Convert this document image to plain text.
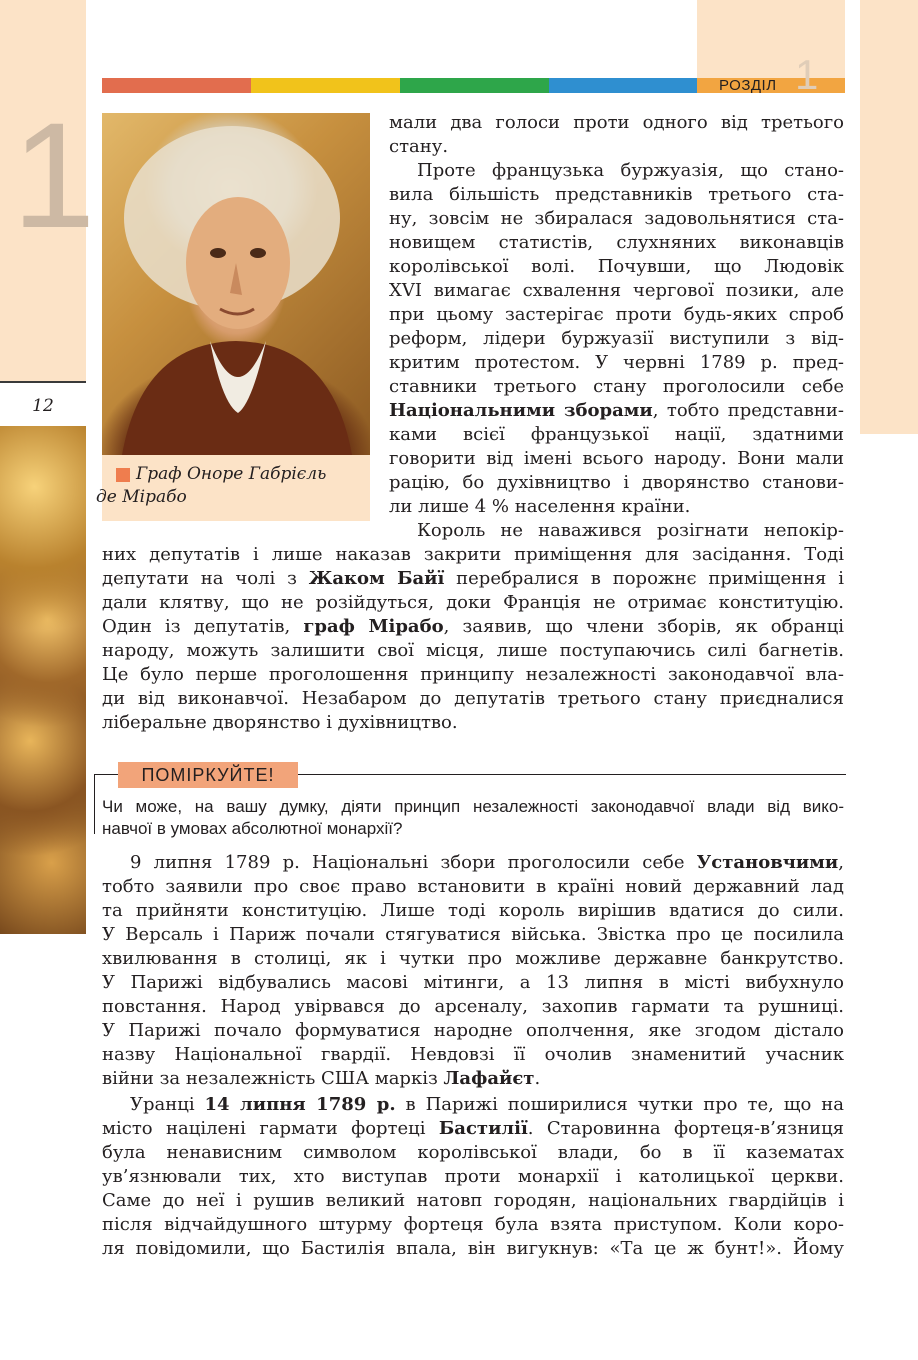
1
12
РОЗДІЛ 1
Граф Оноре Габрієль
де Мірабо
мали два голоси проти одного від третього
стану.
Проте французька буржуазія, що стано-
вила більшість представників третього ста-
ну, зовсім не збиралася задовольнятися ста-
новищем статистів, слухняних виконавців
королівської волі. Почувши, що Людовік
XVI вимагає схвалення чергової позики, але
при цьому застерігає проти будь-яких спроб
реформ, лідери буржуазії виступили з від-
критим протестом. У червні 1789 р. пред-
ставники третього стану проголосили себе
Національними зборами, тобто представни-
ками всієї французької нації, здатними
говорити від імені всього народу. Вони мали
рацію, бо духівництво і дворянство станови-
ли лише 4 % населення країни.
Король не наважився розігнати непокір-
них депутатів і лише наказав закрити приміщення для засідання. Тоді
депутати на чолі з Жаком Байї перебралися в порожнє приміщення і
дали клятву, що не розійдуться, доки Франція не отримає конституцію.
Один із депутатів, граф Мірабо, заявив, що члени зборів, як обранці
народу, можуть залишити свої місця, лише поступаючись силі багнетів.
Це було перше проголошення принципу незалежності законодавчої вла-
ди від виконавчої. Незабаром до депутатів третього стану приєдналися
ліберальне дворянство і духівництво.
ПОМІРКУЙТЕ!
Чи може, на вашу думку, діяти принцип незалежності законодавчої влади від вико-
навчої в умовах абсолютної монархії?
9 липня 1789 р. Національні збори проголосили себе Установчими,
тобто заявили про своє право встановити в країні новий державний лад
та прийняти конституцію. Лише тоді король вирішив вдатися до сили.
У Версаль і Париж почали стягуватися війська. Звістка про це посилила
хвилювання в столиці, як і чутки про можливе державне банкрутство.
У Парижі відбувались масові мітинги, а 13 липня в місті вибухнуло
повстання. Народ увірвався до арсеналу, захопив гармати та рушниці.
У Парижі почало формуватися народне ополчення, яке згодом дістало
назву Національної гвардії. Невдовзі її очолив знаменитий учасник
війни за незалежність США маркіз Лафайєт.
Уранці 14 липня 1789 р. в Парижі поширилися чутки про те, що на
місто націлені гармати фортеці Бастилії. Старовинна фортеця-в’язниця
була ненависним символом королівської влади, бо в її казематах
ув’язнювали тих, хто виступав проти монархії і католицької церкви.
Саме до неї і рушив великий натовп городян, національних гвардійців і
після відчайдушного штурму фортеця була взята приступом. Коли коро-
ля повідомили, що Бастилія впала, він вигукнув: «Та це ж бунт!». Йому
